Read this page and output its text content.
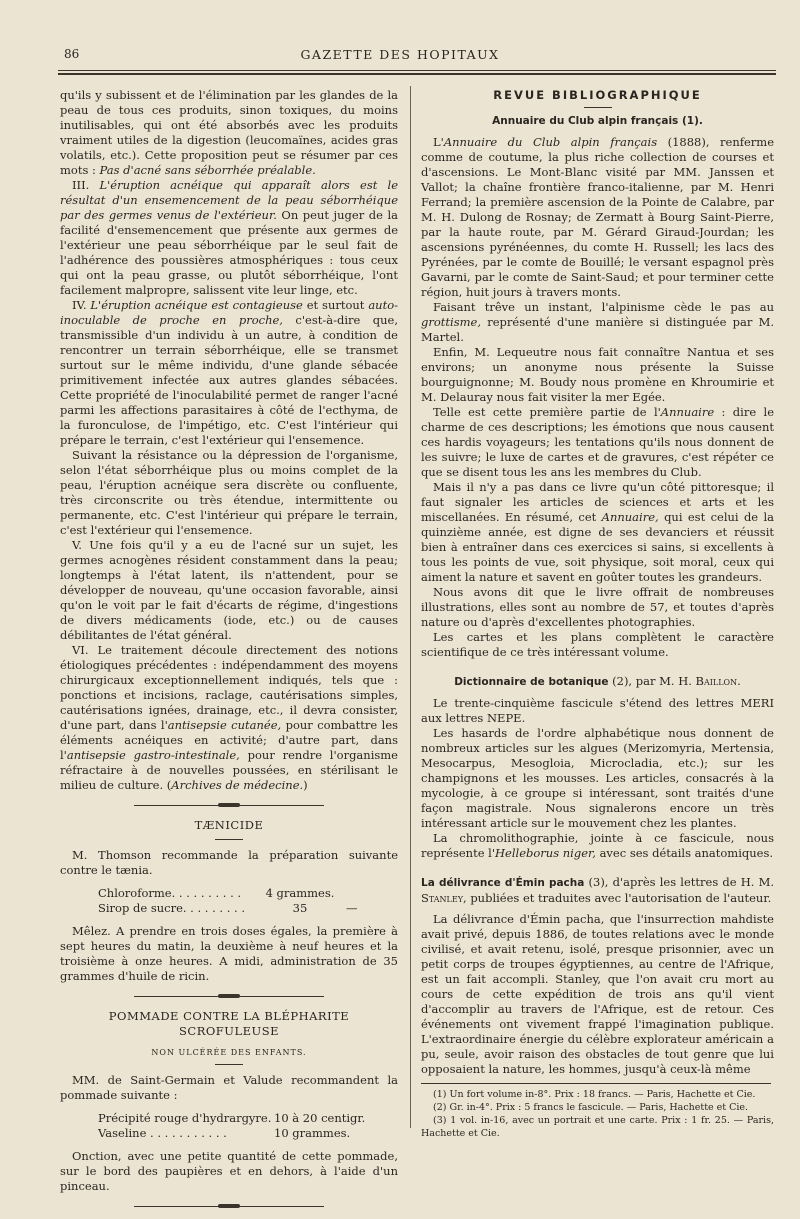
86	GAZETTE DES HOPITAUX

qu'ils y subissent et de l'élimination par les glandes de la peau de tous ces produits, sinon toxiques, du moins inutilisables, qui ont été absorbés avec les produits vraiment utiles de la digestion (leucomaïnes, acides gras volatils, etc.). Cette proposition peut se résumer par ces mots : Pas d'acné sans séborrhée préalable.

III. L'éruption acnéique qui apparaît alors est le résultat d'un ensemencement de la peau séborrhéique par des germes venus de l'extérieur. On peut juger de la facilité d'ensemencement que présente aux germes de l'extérieur une peau séborrhéique par le seul fait de l'adhérence des poussières atmosphériques : tous ceux qui ont la peau grasse, ou plutôt séborrhéique, l'ont facilement malpropre, salissent vite leur linge, etc.

IV. L'éruption acnéique est contagieuse et surtout auto-inoculable de proche en proche, c'est-à-dire que, transmissible d'un individu à un autre, à condition de rencontrer un terrain séborrhéique, elle se transmet surtout sur le même individu, d'une glande sébacée primitivement infectée aux autres glandes sébacées. Cette propriété de l'inoculabilité permet de ranger l'acné parmi les affections parasitaires à côté de l'ecthyma, de la furonculose, de l'impétigo, etc. C'est l'intérieur qui prépare le terrain, c'est l'extérieur qui l'ensemence.

Suivant la résistance ou la dépression de l'organisme, selon l'état séborrhéique plus ou moins complet de la peau, l'éruption acnéique sera discrète ou confluente, très circonscrite ou très étendue, intermittente ou permanente, etc. C'est l'intérieur qui prépare le terrain, c'est l'extérieur qui l'ensemence.

V. Une fois qu'il y a eu de l'acné sur un sujet, les germes acnogènes résident constamment dans la peau; longtemps à l'état latent, ils n'attendent, pour se développer de nouveau, qu'une occasion favorable, ainsi qu'on le voit par le fait d'écarts de régime, d'ingestions de divers médicaments (iode, etc.) ou de causes débilitantes de l'état général.

VI. Le traitement découle directement des notions étiologiques précédentes : indépendamment des moyens chirurgicaux exceptionnellement indiqués, tels que : ponctions et incisions, raclage, cautérisations simples, cautérisations ignées, drainage, etc., il devra consister, d'une part, dans l'antisepsie cutanée, pour combattre les éléments acnéiques en activité; d'autre part, dans l'antisepsie gastro-intestinale, pour rendre l'organisme réfractaire à de nouvelles poussées, en stérilisant le milieu de culture. (Archives de médecine.)

TÆNICIDE

M. Thomson recommande la préparation suivante contre le tænia.

Chloroforme. . . . . . . . . .	4 grammes.
Sirop de sucre. . . . . . . . .	35	—

Mêlez. A prendre en trois doses égales, la première à sept heures du matin, la deuxième à neuf heures et la troisième à onze heures. A midi, administration de 35 grammes d'huile de ricin.

POMMADE CONTRE LA BLÉPHARITE SCROFULEUSE
NON ULCÉRÉE DES ENFANTS.

MM. de Saint-Germain et Valude recommandent la pommade suivante :

Précipité rouge d'hydrargyre. 10 à 20 centigr.
Vaseline . . . . . . . . . . .	10 grammes.

Onction, avec une petite quantité de cette pommade, sur le bord des paupières et en dehors, à l'aide d'un pinceau.

REVUE BIBLIOGRAPHIQUE
Annuaire du Club alpin français (1).

L'Annuaire du Club alpin français (1888), renferme comme de coutume, la plus riche collection de courses et d'ascensions. Le Mont-Blanc visité par MM. Janssen et Vallot; la chaîne frontière franco-italienne, par M. Henri Ferrand; la première ascension de la Pointe de Calabre, par M. H. Dulong de Rosnay; de Zermatt à Bourg Saint-Pierre, par la haute route, par M. Gérard Giraud-Jourdan; les ascensions pyrénéennes, du comte H. Russell; les lacs des Pyrénées, par le comte de Bouillé; le versant espagnol près Gavarni, par le comte de Saint-Saud; et pour terminer cette région, huit jours à travers monts.

Faisant trêve un instant, l'alpinisme cède le pas au grottisme, représenté d'une manière si distinguée par M. Martel.

Enfin, M. Lequeutre nous fait connaître Nantua et ses environs; un anonyme nous présente la Suisse bourguignonne; M. Boudy nous promène en Khroumirie et M. Delauray nous fait visiter la mer Egée.

Telle est cette première partie de l'Annuaire : dire le charme de ces descriptions; les émotions que nous causent ces hardis voyageurs; les tentations qu'ils nous donnent de les suivre; le luxe de cartes et de gravures, c'est répéter ce que se disent tous les ans les membres du Club.

Mais il n'y a pas dans ce livre qu'un côté pittoresque; il faut signaler les articles de sciences et arts et les miscellanées. En résumé, cet Annuaire, qui est celui de la quinzième année, est digne de ses devanciers et réussit bien à entraîner dans ces exercices si sains, si excellents à tous les points de vue, soit physique, soit moral, ceux qui aiment la nature et savent en goûter toutes les grandeurs.

Nous avons dit que le livre offrait de nombreuses illustrations, elles sont au nombre de 57, et toutes d'après nature ou d'après d'excellentes photographies.

Les cartes et les plans complètent le caractère scientifique de ce très intéressant volume.

Dictionnaire de botanique (2), par M. H. Baillon.

Le trente-cinquième fascicule s'étend des lettres MERI aux lettres NEPE.

Les hasards de l'ordre alphabétique nous donnent de nombreux articles sur les algues (Merizomyria, Mertensia, Mesocarpus, Mesogloia, Microcladia, etc.); sur les champignons et les mousses. Les articles, consacrés à la mycologie, à ce groupe si intéressant, sont traités d'une façon magistrale. Nous signalerons encore un très intéressant article sur le mouvement chez les plantes.

La chromolithographie, jointe à ce fascicule, nous représente l'Helleborus niger, avec ses détails anatomiques.

La délivrance d'Émin pacha (3), d'après les lettres de H. M. Stanley, publiées et traduites avec l'autorisation de l'auteur.

La délivrance d'Émin pacha, que l'insurrection mahdiste avait privé, depuis 1886, de toutes relations avec le monde civilisé, et avait retenu, isolé, presque prisonnier, avec un petit corps de troupes égyptiennes, au centre de l'Afrique, est un fait accompli. Stanley, que l'on avait cru mort au cours de cette expédition de trois ans qu'il vient d'accomplir au travers de l'Afrique, est de retour. Ces événements ont vivement frappé l'imagination publique. L'extraordinaire énergie du célèbre explorateur américain a pu, seule, avoir raison des obstacles de tout genre que lui opposaient la nature, les hommes, jusqu'à ceux-là même

(1) Un fort volume in-8°. Prix : 18 francs. — Paris, Hachette et Cie.

(2) Gr. in-4°. Prix : 5 francs le fascicule. — Paris, Hachette et Cie.

(3) 1 vol. in-16, avec un portrait et une carte. Prix : 1 fr. 25. — Paris, Hachette et Cie.
